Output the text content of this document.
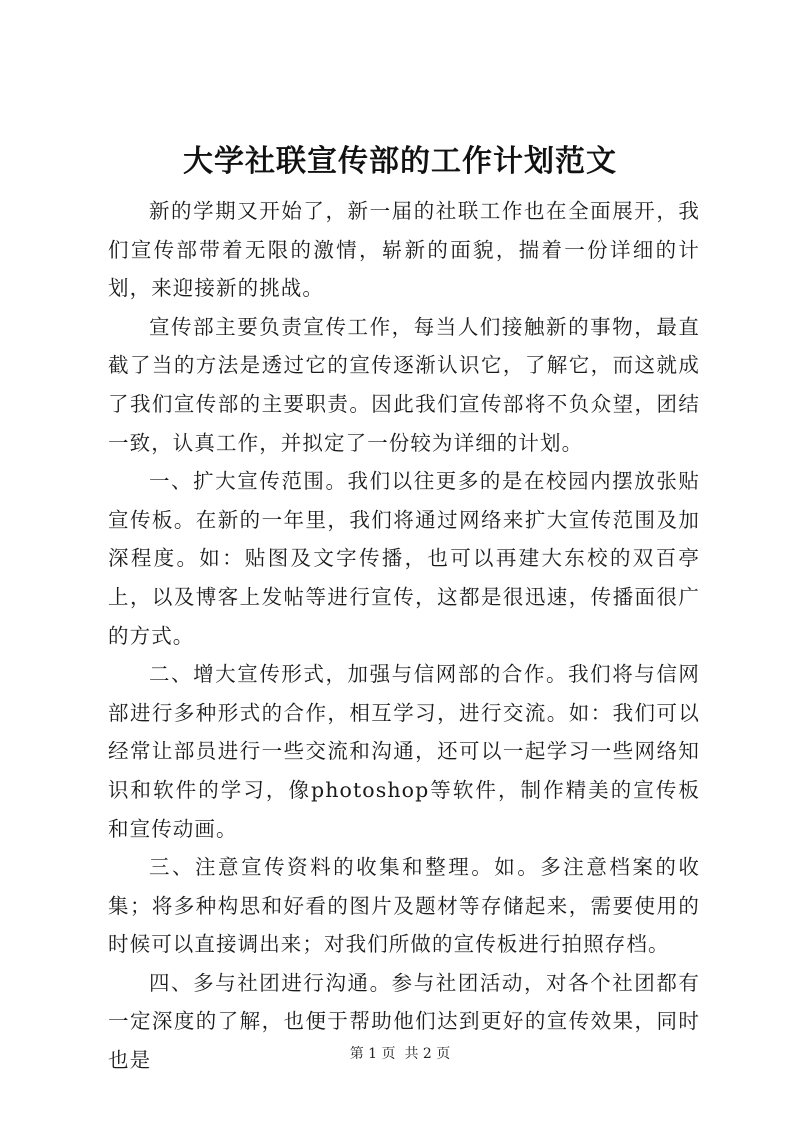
大学社联宣传部的工作计划范文

新的学期又开始了，新一届的社联工作也在全面展开，我们宣传部带着无限的激情，崭新的面貌，揣着一份详细的计划，来迎接新的挑战。

宣传部主要负责宣传工作，每当人们接触新的事物，最直截了当的方法是透过它的宣传逐渐认识它，了解它，而这就成了我们宣传部的主要职责。因此我们宣传部将不负众望，团结一致，认真工作，并拟定了一份较为详细的计划。

一、扩大宣传范围。我们以往更多的是在校园内摆放张贴宣传板。在新的一年里，我们将通过网络来扩大宣传范围及加深程度。如：贴图及文字传播，也可以再建大东校的双百亭上，以及博客上发帖等进行宣传，这都是很迅速，传播面很广的方式。

二、增大宣传形式，加强与信网部的合作。我们将与信网部进行多种形式的合作，相互学习，进行交流。如：我们可以经常让部员进行一些交流和沟通，还可以一起学习一些网络知识和软件的学习，像photoshop等软件，制作精美的宣传板和宣传动画。

三、注意宣传资料的收集和整理。如。多注意档案的收集；将多种构思和好看的图片及题材等存储起来，需要使用的时候可以直接调出来；对我们所做的宣传板进行拍照存档。

四、多与社团进行沟通。参与社团活动，对各个社团都有一定深度的了解，也便于帮助他们达到更好的宣传效果，同时也是	第 1 页  共 2 页
